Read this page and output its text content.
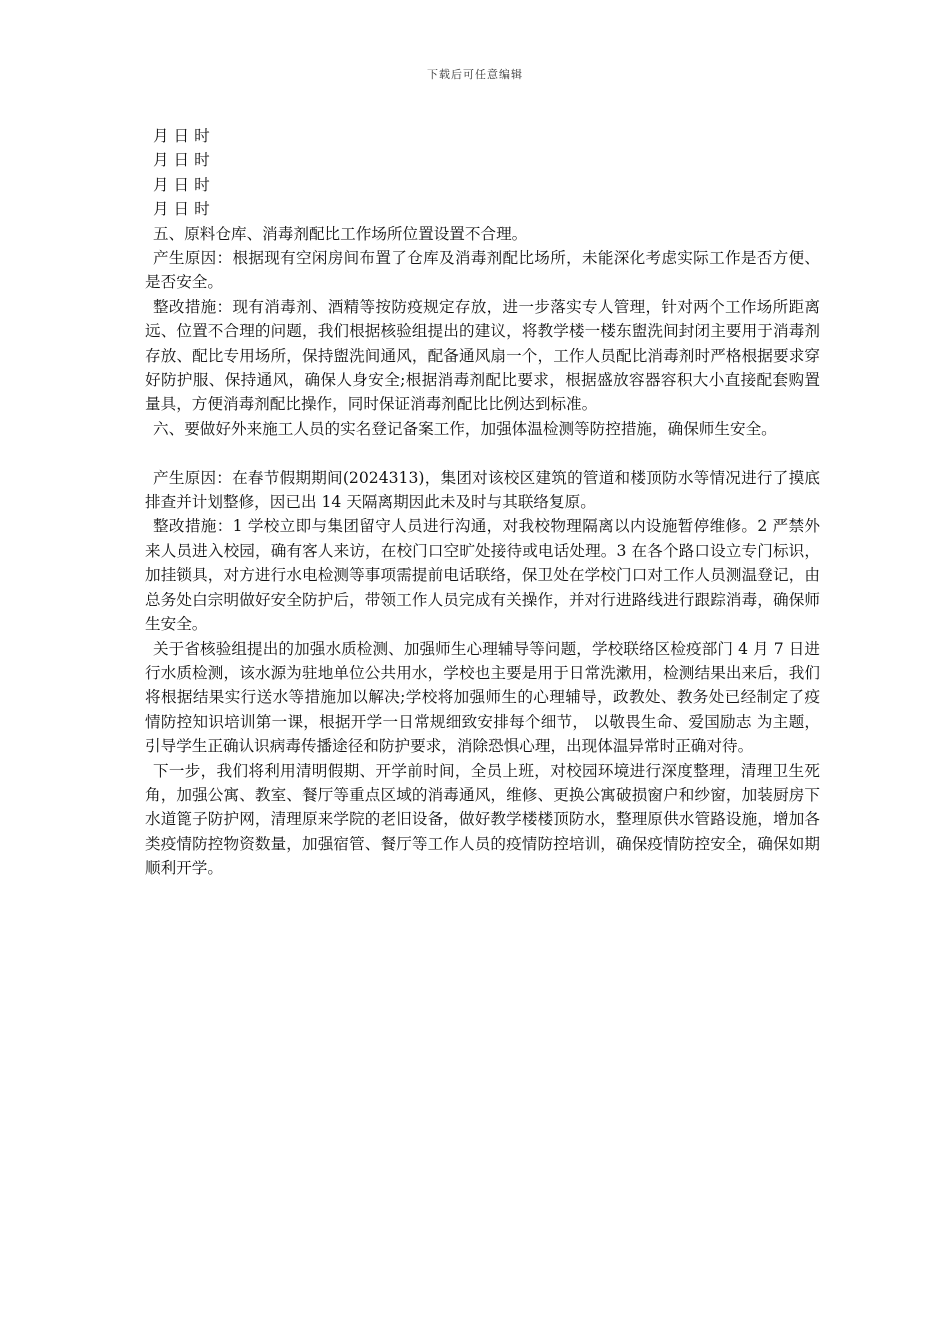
下载后可任意编辑

月 日 时

月 日 时

月 日 时

月 日 时

五、原料仓库、消毒剂配比工作场所位置设置不合理。

产生原因：根据现有空闲房间布置了仓库及消毒剂配比场所，未能深化考虑实际工作是否方便、是否安全。

整改措施：现有消毒剂、酒精等按防疫规定存放，进一步落实专人管理，针对两个工作场所距离远、位置不合理的问题，我们根据核验组提出的建议，将教学楼一楼东盥洗间封闭主要用于消毒剂存放、配比专用场所，保持盥洗间通风，配备通风扇一个，工作人员配比消毒剂时严格根据要求穿好防护服、保持通风，确保人身安全;根据消毒剂配比要求，根据盛放容器容积大小直接配套购置量具，方便消毒剂配比操作，同时保证消毒剂配比比例达到标准。

六、要做好外来施工人员的实名登记备案工作，加强体温检测等防控措施，确保师生安全。

产生原因：在春节假期期间(2024313)，集团对该校区建筑的管道和楼顶防水等情况进行了摸底排查并计划整修，因已出 14 天隔离期因此未及时与其联络复原。

整改措施：1 学校立即与集团留守人员进行沟通，对我校物理隔离以内设施暂停维修。2 严禁外来人员进入校园，确有客人来访，在校门口空旷处接待或电话处理。3 在各个路口设立专门标识，加挂锁具，对方进行水电检测等事项需提前电话联络，保卫处在学校门口对工作人员测温登记，由总务处白宗明做好安全防护后，带领工作人员完成有关操作，并对行进路线进行跟踪消毒，确保师生安全。

关于省核验组提出的加强水质检测、加强师生心理辅导等问题，学校联络区检疫部门 4 月 7 日进行水质检测，该水源为驻地单位公共用水，学校也主要是用于日常洗漱用，检测结果出来后，我们将根据结果实行送水等措施加以解决;学校将加强师生的心理辅导，政教处、教务处已经制定了疫情防控知识培训第一课，根据开学一日常规细致安排每个细节， 以敬畏生命、爱国励志 为主题，引导学生正确认识病毒传播途径和防护要求，消除恐惧心理，出现体温异常时正确对待。

下一步，我们将利用清明假期、开学前时间，全员上班，对校园环境进行深度整理，清理卫生死角，加强公寓、教室、餐厅等重点区域的消毒通风，维修、更换公寓破损窗户和纱窗，加装厨房下水道篦子防护网，清理原来学院的老旧设备，做好教学楼楼顶防水，整理原供水管路设施，增加各类疫情防控物资数量，加强宿管、餐厅等工作人员的疫情防控培训，确保疫情防控安全，确保如期顺利开学。
